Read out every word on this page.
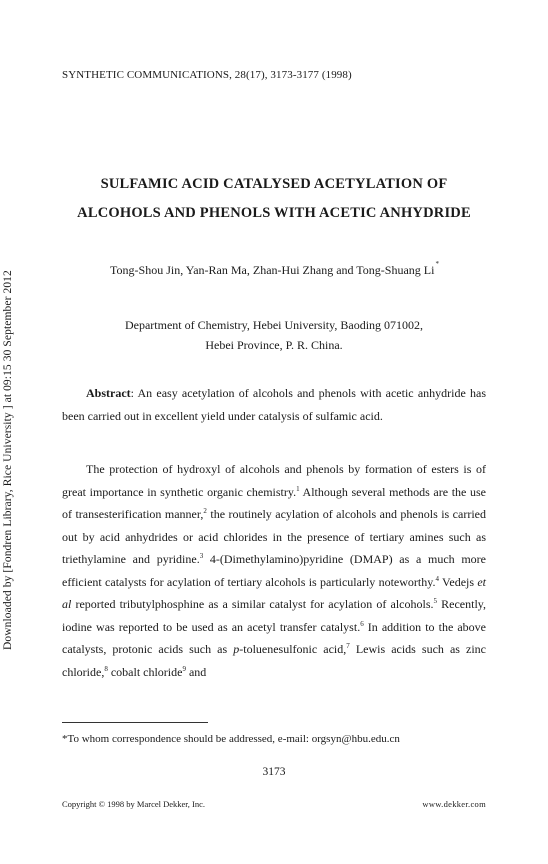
SYNTHETIC COMMUNICATIONS, 28(17), 3173-3177 (1998)
Downloaded by [Fondren Library, Rice University ] at 09:15 30 September 2012
SULFAMIC ACID CATALYSED ACETYLATION OF
ALCOHOLS AND PHENOLS WITH ACETIC ANHYDRIDE
Tong-Shou Jin, Yan-Ran Ma, Zhan-Hui Zhang and Tong-Shuang Li*
Department of Chemistry, Hebei University, Baoding 071002,
Hebei Province, P. R. China.
Abstract: An easy acetylation of alcohols and phenols with acetic anhydride has been carried out in excellent yield under catalysis of sulfamic acid.
The protection of hydroxyl of alcohols and phenols by formation of esters is of great importance in synthetic organic chemistry.$^1$ Although several methods are the use of transesterification manner,$^2$ the routinely acylation of alcohols and phenols is carried out by acid anhydrides or acid chlorides in the presence of tertiary amines such as triethylamine and pyridine.$^3$ 4-(Dimethylamino)pyridine (DMAP) as a much more efficient catalysts for acylation of tertiary alcohols is particularly noteworthy.$^4$ Vedejs et al reported tributylphosphine as a similar catalyst for acylation of alcohols.$^5$ Recently, iodine was reported to be used as an acetyl transfer catalyst.$^6$ In addition to the above catalysts, protonic acids such as p-toluenesulfonic acid,$^7$ Lewis acids such as zinc chloride,$^8$ cobalt chloride$^9$ and
*To whom correspondence should be addressed, e-mail: orgsyn@hbu.edu.cn
3173
Copyright © 1998 by Marcel Dekker, Inc.	www.dekker.com
